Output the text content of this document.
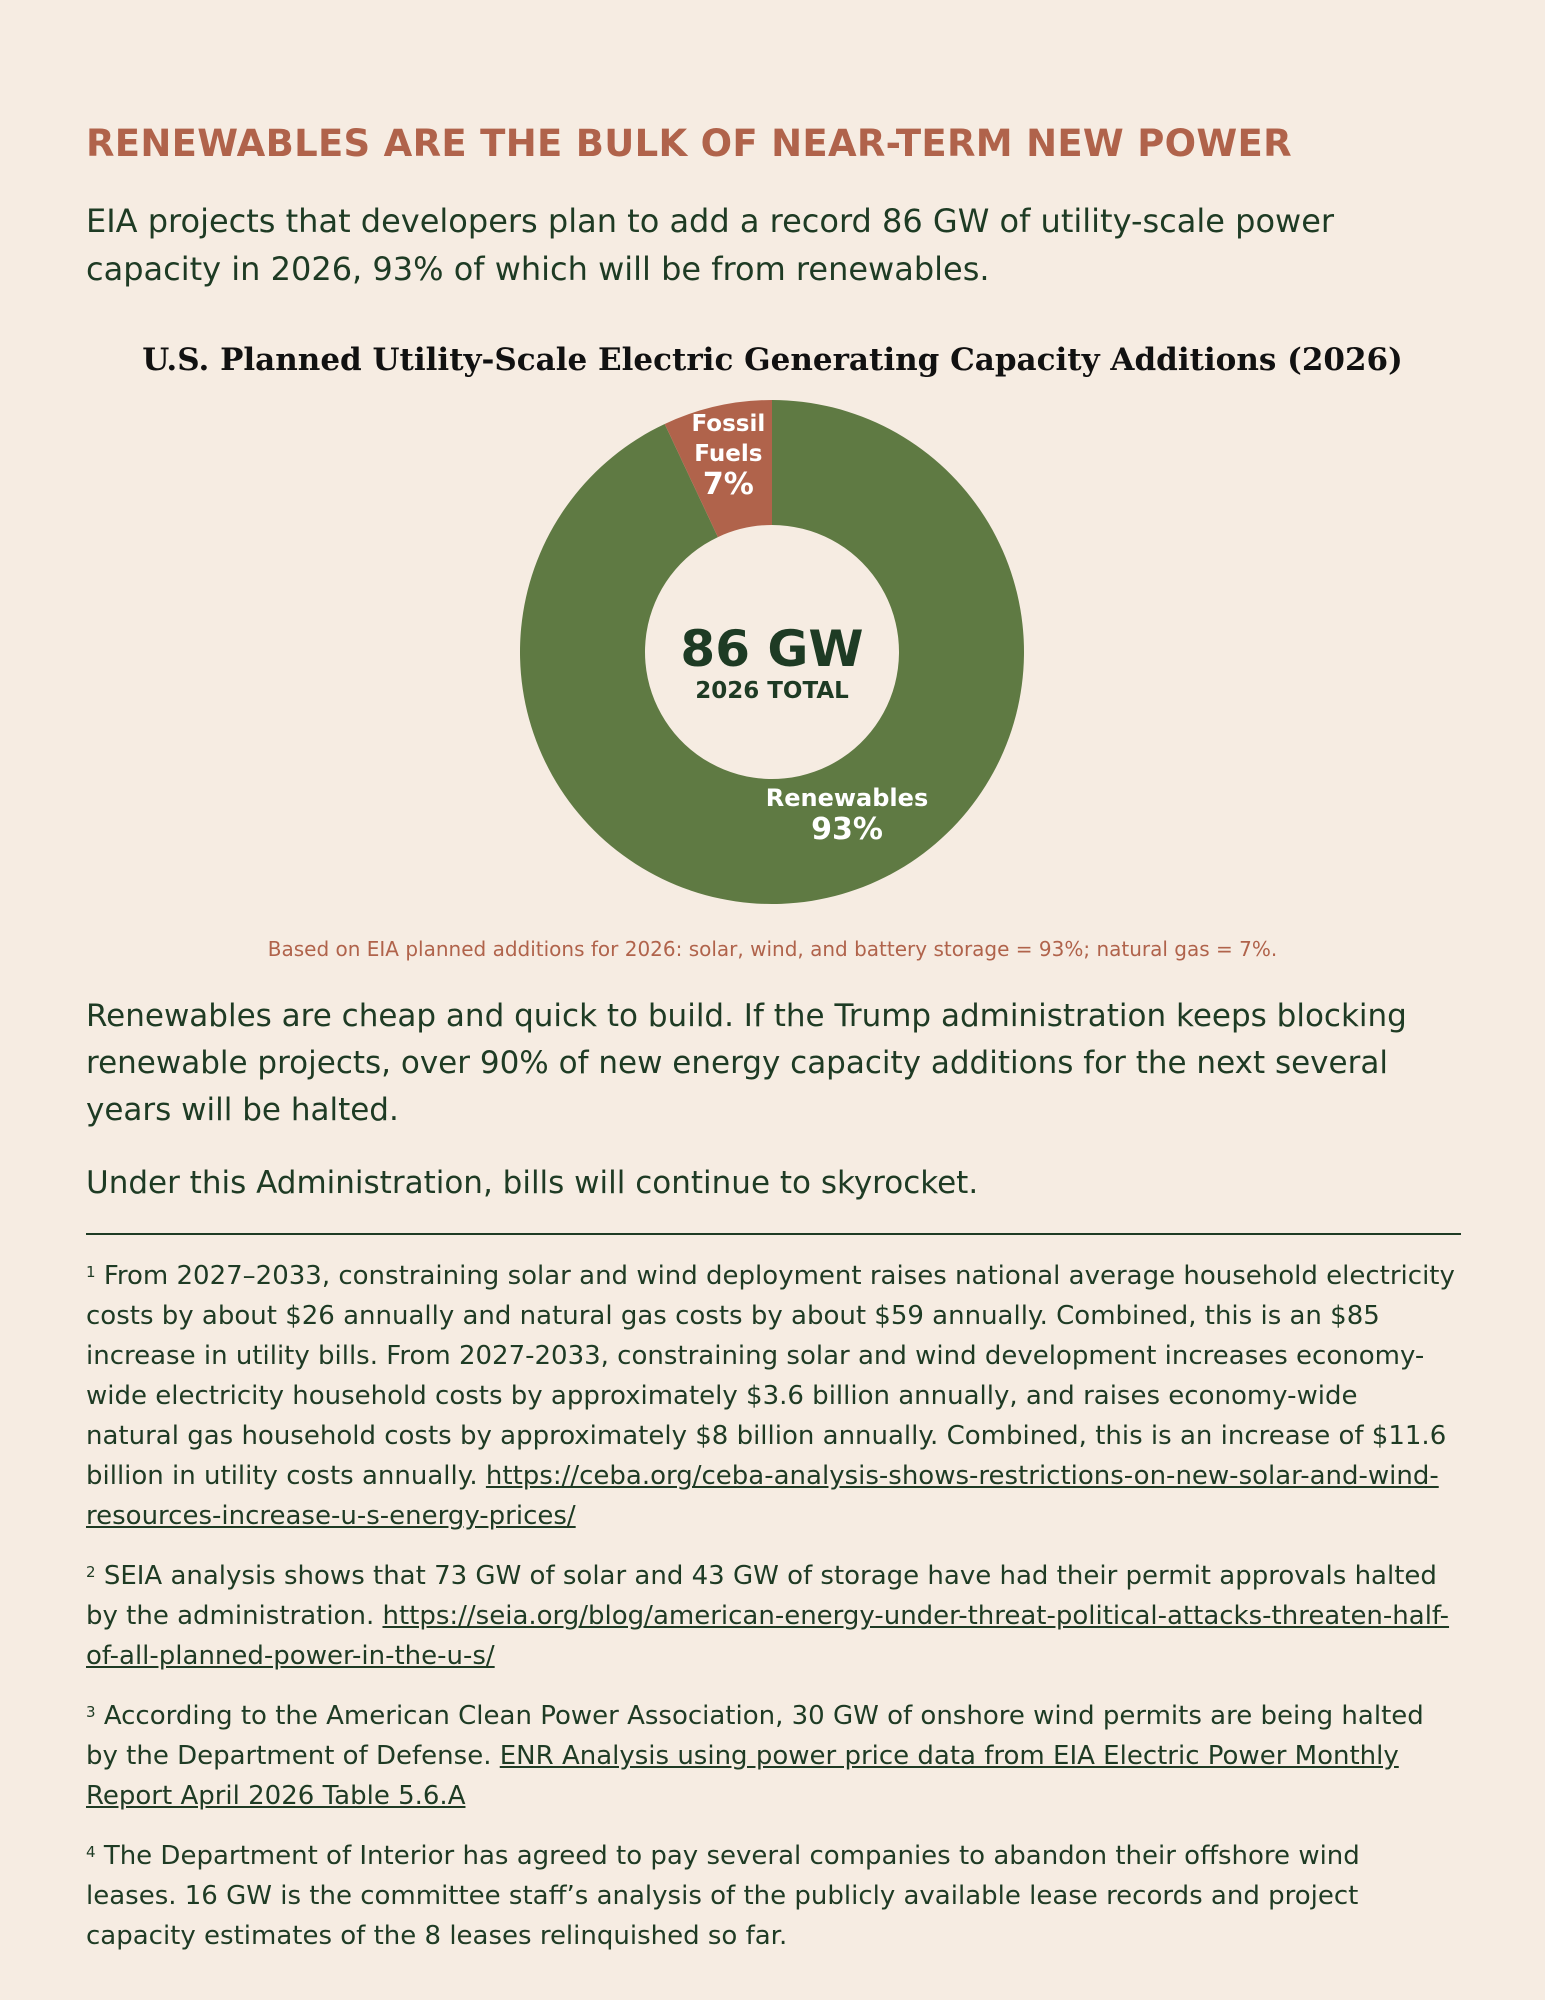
RENEWABLES ARE THE BULK OF NEAR-TERM NEW POWER

EIA projects that developers plan to add a record 86 GW of utility-scale power capacity in 2026, 93% of which will be from renewables.

U.S. Planned Utility-Scale Electric Generating Capacity Additions (2026)
Renewables
93%
Fossil
Fuels
7%
86 GW
2026 TOTAL

Based on EIA planned additions for 2026: solar, wind, and battery storage = 93%; natural gas = 7%.

Renewables are cheap and quick to build. If the Trump administration keeps blocking renewable projects, over 90% of new energy capacity additions for the next several years will be halted.

Under this Administration, bills will continue to skyrocket.

$^1$ From 2027–2033, constraining solar and wind deployment raises national average household electricity costs by about $26 annually and natural gas costs by about $59 annually. Combined, this is an $85 increase in utility bills. From 2027-2033, constraining solar and wind development increases economy-wide electricity household costs by approximately $3.6 billion annually, and raises economy-wide natural gas household costs by approximately $8 billion annually. Combined, this is an increase of $11.6 billion in utility costs annually. https://ceba.org/ceba-analysis-shows-restrictions-on-new-solar-and-wind-resources-increase-u-s-energy-prices/

$^2$ SEIA analysis shows that 73 GW of solar and 43 GW of storage have had their permit approvals halted by the administration. https://seia.org/blog/american-energy-under-threat-political-attacks-threaten-half-of-all-planned-power-in-the-u-s/

$^3$ According to the American Clean Power Association, 30 GW of onshore wind permits are being halted by the Department of Defense. ENR Analysis using power price data from EIA Electric Power Monthly Report April 2026 Table 5.6.A

$^4$ The Department of Interior has agreed to pay several companies to abandon their offshore wind leases. 16 GW is the committee staff’s analysis of the publicly available lease records and project capacity estimates of the 8 leases relinquished so far.
